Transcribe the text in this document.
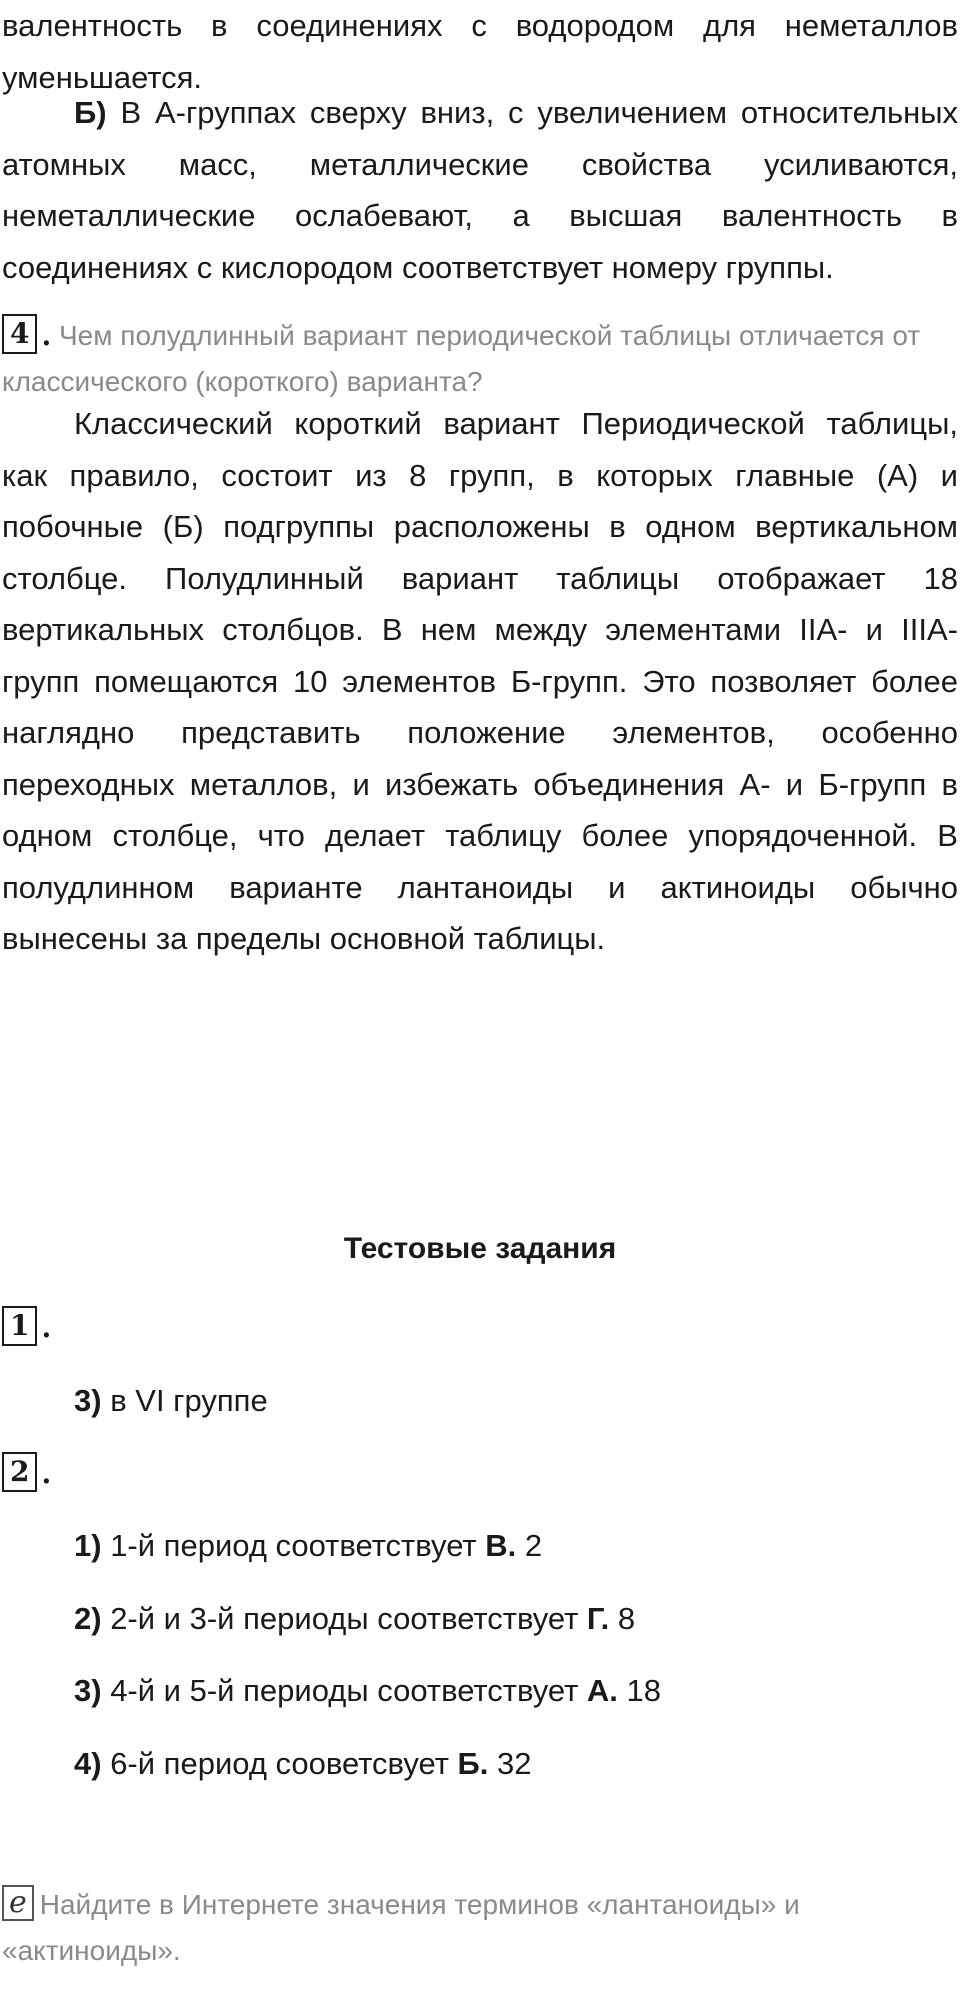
валентность в соединениях с водородом для неметаллов уменьшается.

Б) В А-группах сверху вниз, с увеличением относительных атомных масс, металлические свойства усиливаются, неметаллические ослабевают, а высшая валентность в соединениях с кислородом соответствует номеру группы.

4 . Чем полудлинный вариант периодической таблицы отличается от классического (короткого) варианта?

Классический короткий вариант Периодической таблицы, как правило, состоит из 8 групп, в которых главные (А) и побочные (Б) подгруппы расположены в одном вертикальном столбце. Полудлинный вариант таблицы отображает 18 вертикальных столбцов. В нем между элементами IIA- и IIIA-групп помещаются 10 элементов Б-групп. Это позволяет более наглядно представить положение элементов, особенно переходных металлов, и избежать объединения А- и Б-групп в одном столбце, что делает таблицу более упорядоченной. В полудлинном варианте лантаноиды и актиноиды обычно вынесены за пределы основной таблицы.

Тестовые задания

1 .

3) в VI группе

2 .

1) 1-й период соответствует В. 2

2) 2-й и 3-й периоды соответствует Г. 8

3) 4-й и 5-й периоды соответствует А. 18

4) 6-й период сооветсвует Б. 32

e Найдите в Интернете значения терминов «лантаноиды» и «актиноиды».
